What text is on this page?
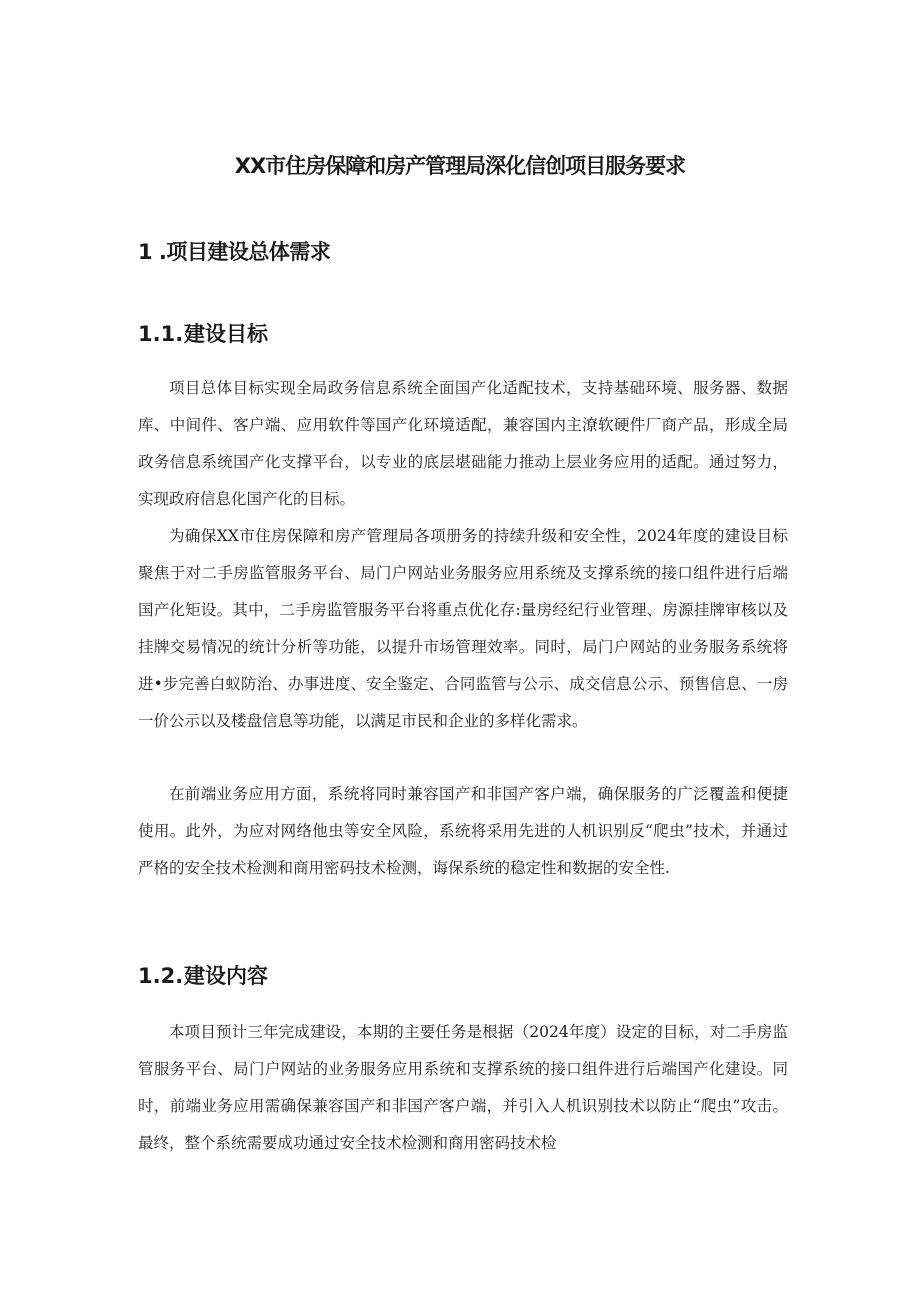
XX市住房保障和房产管理局深化信创项目服务要求
1 .项目建设总体需求
1.1.建设目标
项目总体目标实现全局政务信息系统全面国产化适配技术，支持基础环境、服务器、数据库、中间件、客户端、应用软件等国产化环境适配，兼容国内主潦软硬件厂商产品，形成全局政务信息系统国产化支撑平台，以专业的底层堪础能力推动上层业务应用的适配。通过努力，实现政府信息化国产化的目标。
为确保XX市住房保障和房产管理局各项册务的持续升级和安全性，2024年度的建设目标聚焦于对二手房监管服务平台、局门户网站业务服务应用系统及支撑系统的接口组件进行后端国产化矩设。其中，二手房监管服务平台将重点优化存:量房经纪行业管理、房源挂牌审核以及挂牌交易情况的统计分析等功能，以提升市场管理效率。同时，局门户网站的业务服务系统将进•步完善白蚁防治、办事进度、安全鉴定、合同监管与公示、成交信息公示、预售信息、一房一价公示以及楼盘信息等功能，以满足市民和企业的多样化需求。
在前端业务应用方面，系统将同时兼容国产和非国产客户端，确保服务的广泛覆盖和便捷使用。此外，为应对网络他虫等安全风险，系统将采用先进的人机识别反“爬虫”技术，并通过严格的安全技术检测和商用密码技术检测，诲保系统的稳定性和数据的安全性.
1.2.建设内容
本项目预计三年完成建设，本期的主要任务是根据（2024年度）设定的目标，对二手房监管服务平台、局门户网站的业务服务应用系统和支撑系统的接口组件进行后端国产化建设。同时，前端业务应用需确保兼容国产和非国产客户端，并引入人机识别技术以防止“爬虫”攻击。最终，整个系统需要成功通过安全技术检测和商用密码技术检
